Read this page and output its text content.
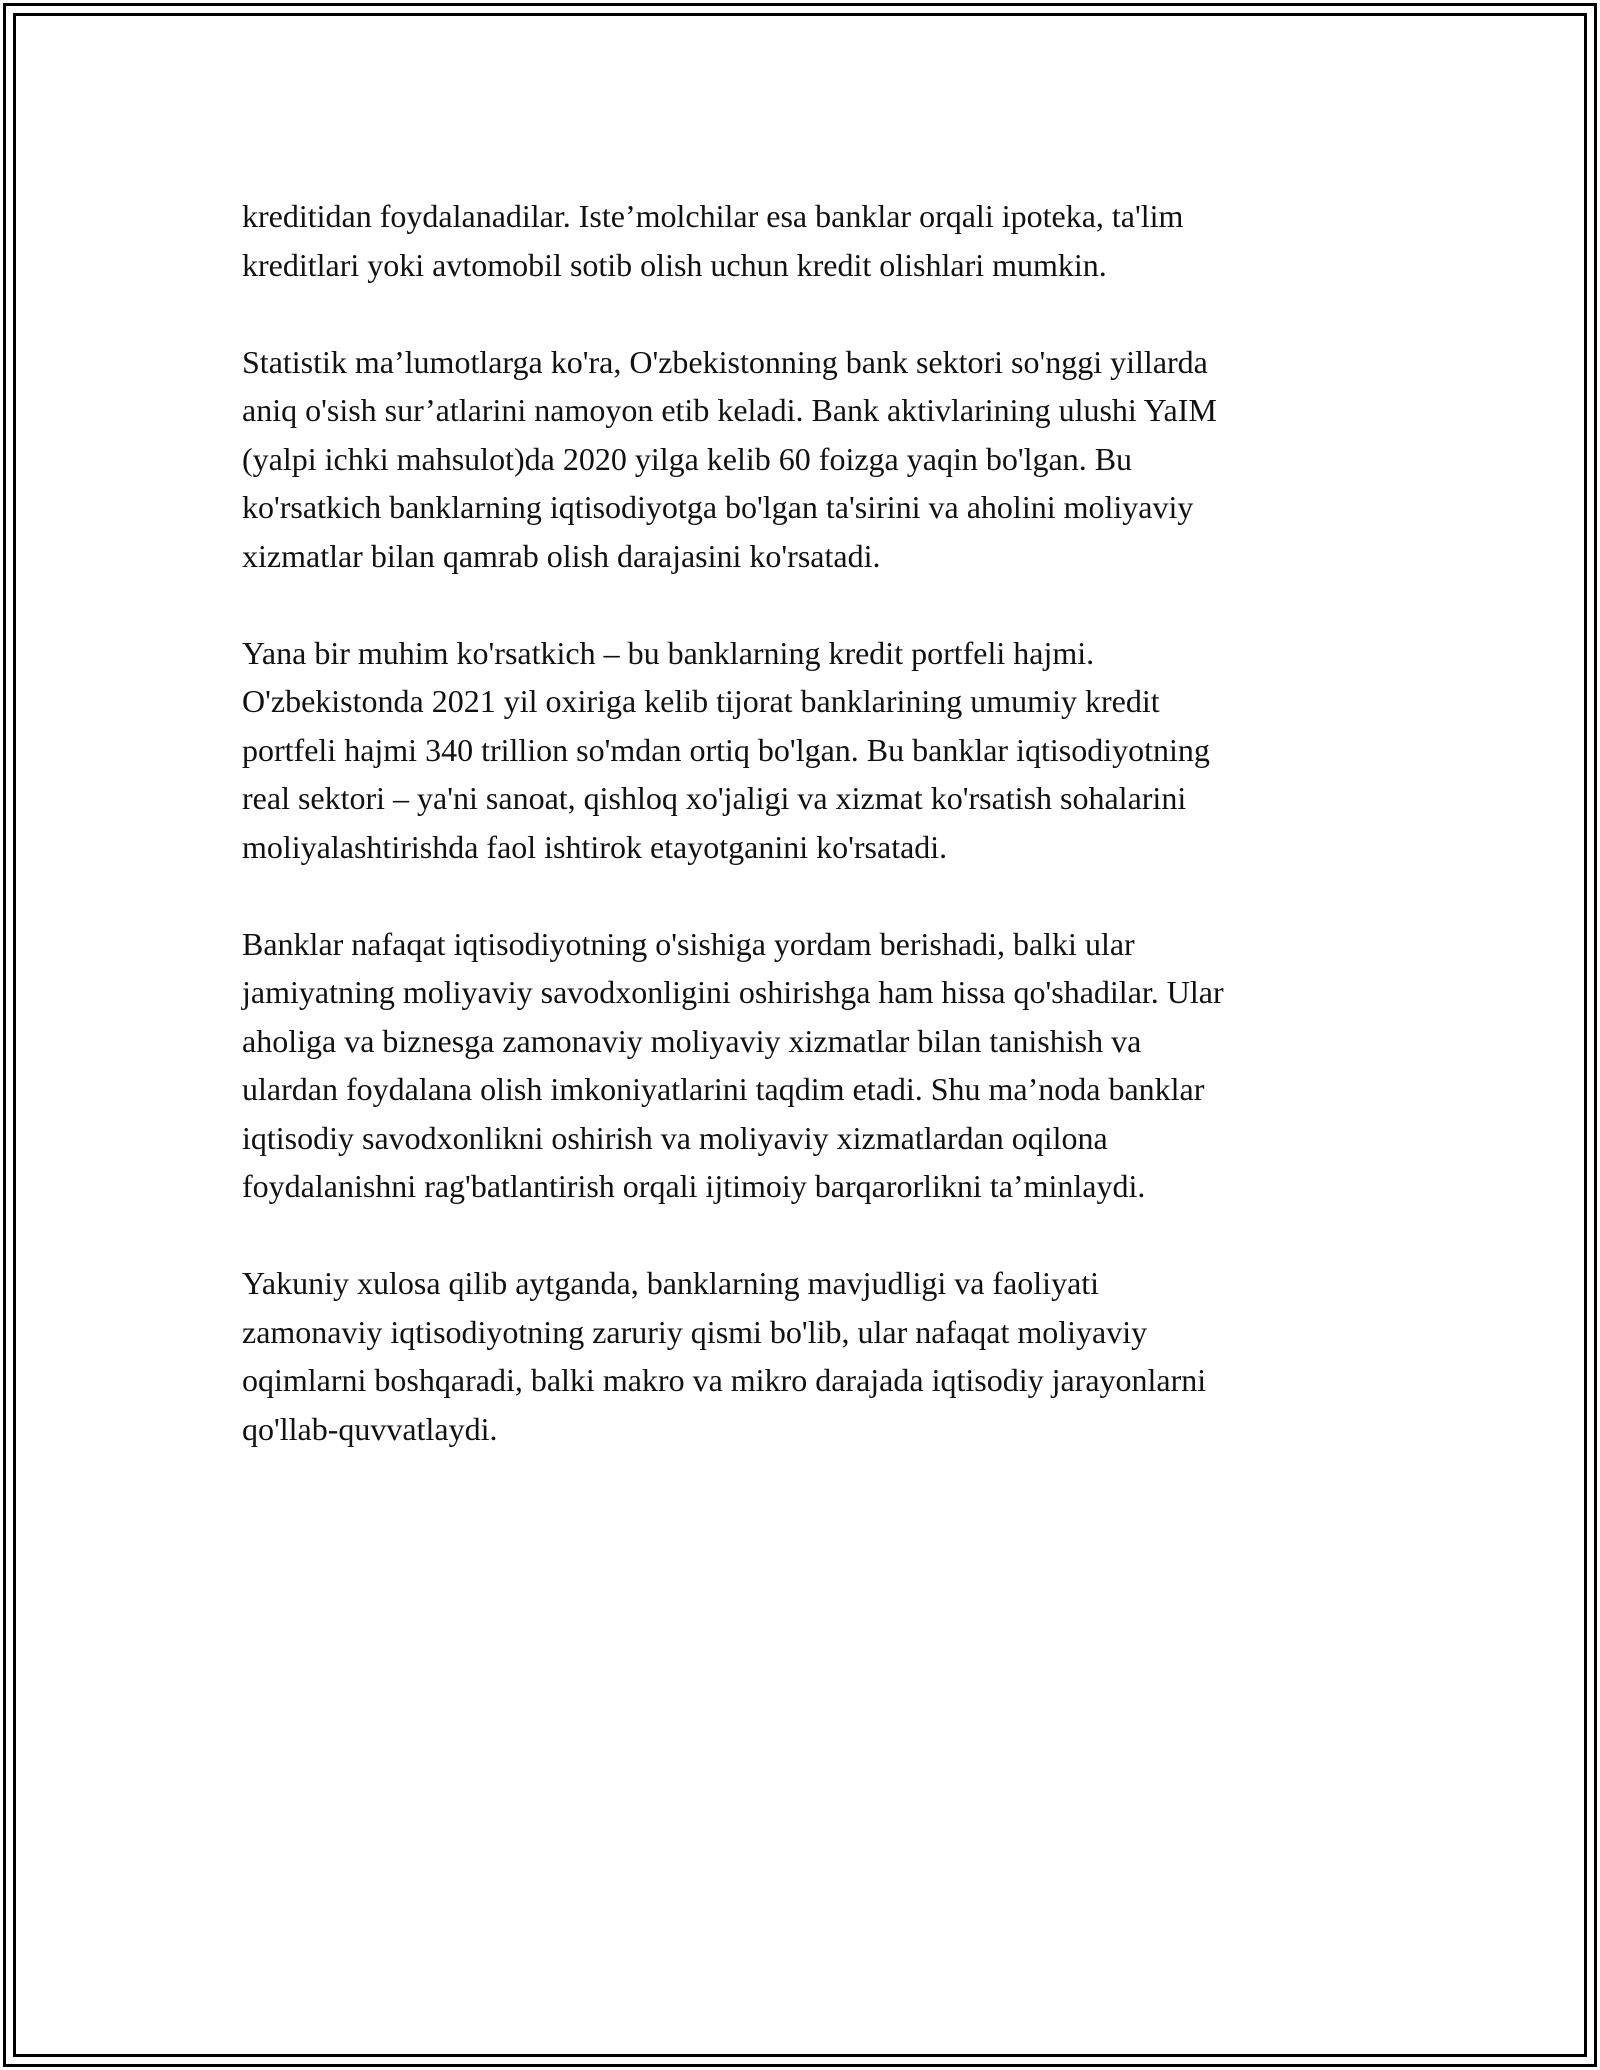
kreditidan foydalanadilar. Iste’molchilar esa banklar orqali ipoteka, ta'lim
kreditlari yoki avtomobil sotib olish uchun kredit olishlari mumkin.

Statistik ma’lumotlarga ko'ra, O'zbekistonning bank sektori so'nggi yillarda
aniq o'sish sur’atlarini namoyon etib keladi. Bank aktivlarining ulushi YaIM
(yalpi ichki mahsulot)da 2020 yilga kelib 60 foizga yaqin bo'lgan. Bu
ko'rsatkich banklarning iqtisodiyotga bo'lgan ta'sirini va aholini moliyaviy
xizmatlar bilan qamrab olish darajasini ko'rsatadi.

Yana bir muhim ko'rsatkich – bu banklarning kredit portfeli hajmi.
O'zbekistonda 2021 yil oxiriga kelib tijorat banklarining umumiy kredit
portfeli hajmi 340 trillion so'mdan ortiq bo'lgan. Bu banklar iqtisodiyotning
real sektori – ya'ni sanoat, qishloq xo'jaligi va xizmat ko'rsatish sohalarini
moliyalashtirishda faol ishtirok etayotganini ko'rsatadi.

Banklar nafaqat iqtisodiyotning o'sishiga yordam berishadi, balki ular
jamiyatning moliyaviy savodxonligini oshirishga ham hissa qo'shadilar. Ular
aholiga va biznesga zamonaviy moliyaviy xizmatlar bilan tanishish va
ulardan foydalana olish imkoniyatlarini taqdim etadi. Shu ma’noda banklar
iqtisodiy savodxonlikni oshirish va moliyaviy xizmatlardan oqilona
foydalanishni rag'batlantirish orqali ijtimoiy barqarorlikni ta’minlaydi.

Yakuniy xulosa qilib aytganda, banklarning mavjudligi va faoliyati
zamonaviy iqtisodiyotning zaruriy qismi bo'lib, ular nafaqat moliyaviy
oqimlarni boshqaradi, balki makro va mikro darajada iqtisodiy jarayonlarni
qo'llab-quvvatlaydi.
